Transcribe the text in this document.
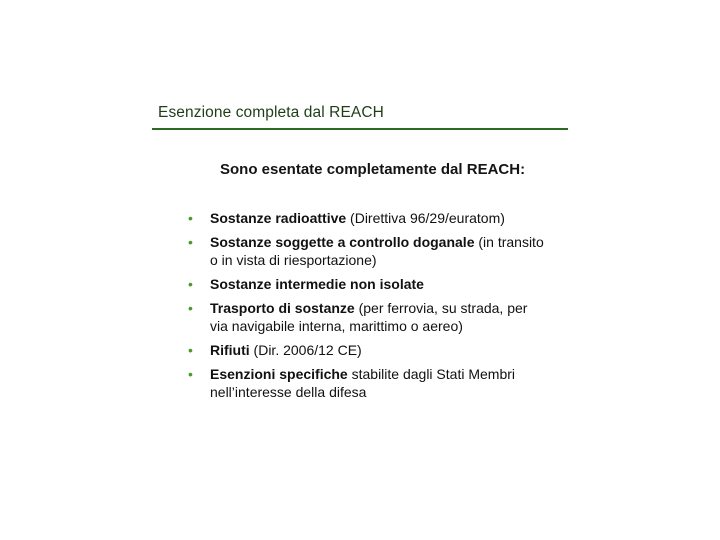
Esenzione completa dal REACH
Sono esentate completamente dal REACH:
• Sostanze radioattive (Direttiva 96/29/euratom)
• Sostanze soggette a controllo doganale (in transito o in vista di riesportazione)
• Sostanze intermedie non isolate
• Trasporto di sostanze (per ferrovia, su strada, per via navigabile interna, marittimo o aereo)
• Rifiuti (Dir. 2006/12 CE)
• Esenzioni specifiche stabilite dagli Stati Membri nell’interesse della difesa
